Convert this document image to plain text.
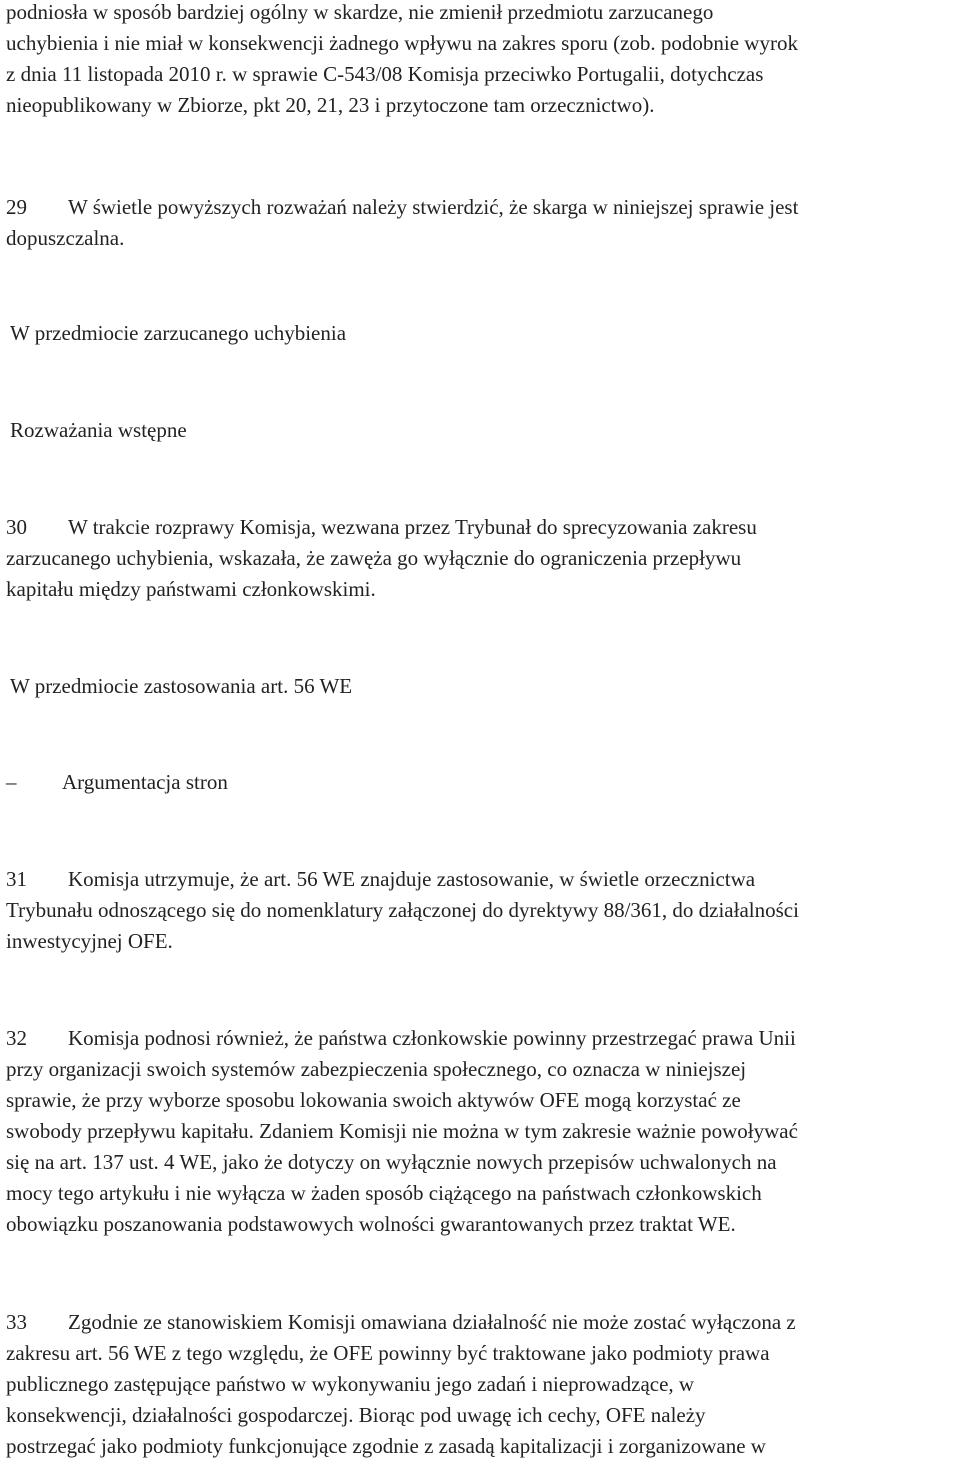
podniosła w sposób bardziej ogólny w skardze, nie zmienił przedmiotu zarzucanego
uchybienia i nie miał w konsekwencji żadnego wpływu na zakres sporu (zob. podobnie wyrok
z dnia 11 listopada 2010 r. w sprawie C‑543/08 Komisja przeciwko Portugalii, dotychczas
nieopublikowany w Zbiorze, pkt 20, 21, 23 i przytoczone tam orzecznictwo).
29 W świetle powyższych rozważań należy stwierdzić, że skarga w niniejszej sprawie jest
dopuszczalna.
W przedmiocie zarzucanego uchybienia
Rozważania wstępne
30 W trakcie rozprawy Komisja, wezwana przez Trybunał do sprecyzowania zakresu
zarzucanego uchybienia, wskazała, że zawęża go wyłącznie do ograniczenia przepływu
kapitału między państwami członkowskimi.
W przedmiocie zastosowania art. 56 WE
– Argumentacja stron
31 Komisja utrzymuje, że art. 56 WE znajduje zastosowanie, w świetle orzecznictwa
Trybunału odnoszącego się do nomenklatury załączonej do dyrektywy 88/361, do działalności
inwestycyjnej OFE.
32 Komisja podnosi również, że państwa członkowskie powinny przestrzegać prawa Unii
przy organizacji swoich systemów zabezpieczenia społecznego, co oznacza w niniejszej
sprawie, że przy wyborze sposobu lokowania swoich aktywów OFE mogą korzystać ze
swobody przepływu kapitału. Zdaniem Komisji nie można w tym zakresie ważnie powoływać
się na art. 137 ust. 4 WE, jako że dotyczy on wyłącznie nowych przepisów uchwalonych na
mocy tego artykułu i nie wyłącza w żaden sposób ciążącego na państwach członkowskich
obowiązku poszanowania podstawowych wolności gwarantowanych przez traktat WE.
33 Zgodnie ze stanowiskiem Komisji omawiana działalność nie może zostać wyłączona z
zakresu art. 56 WE z tego względu, że OFE powinny być traktowane jako podmioty prawa
publicznego zastępujące państwo w wykonywaniu jego zadań i nieprowadzące, w
konsekwencji, działalności gospodarczej. Biorąc pod uwagę ich cechy, OFE należy
postrzegać jako podmioty funkcjonujące zgodnie z zasadą kapitalizacji i zorganizowane w
